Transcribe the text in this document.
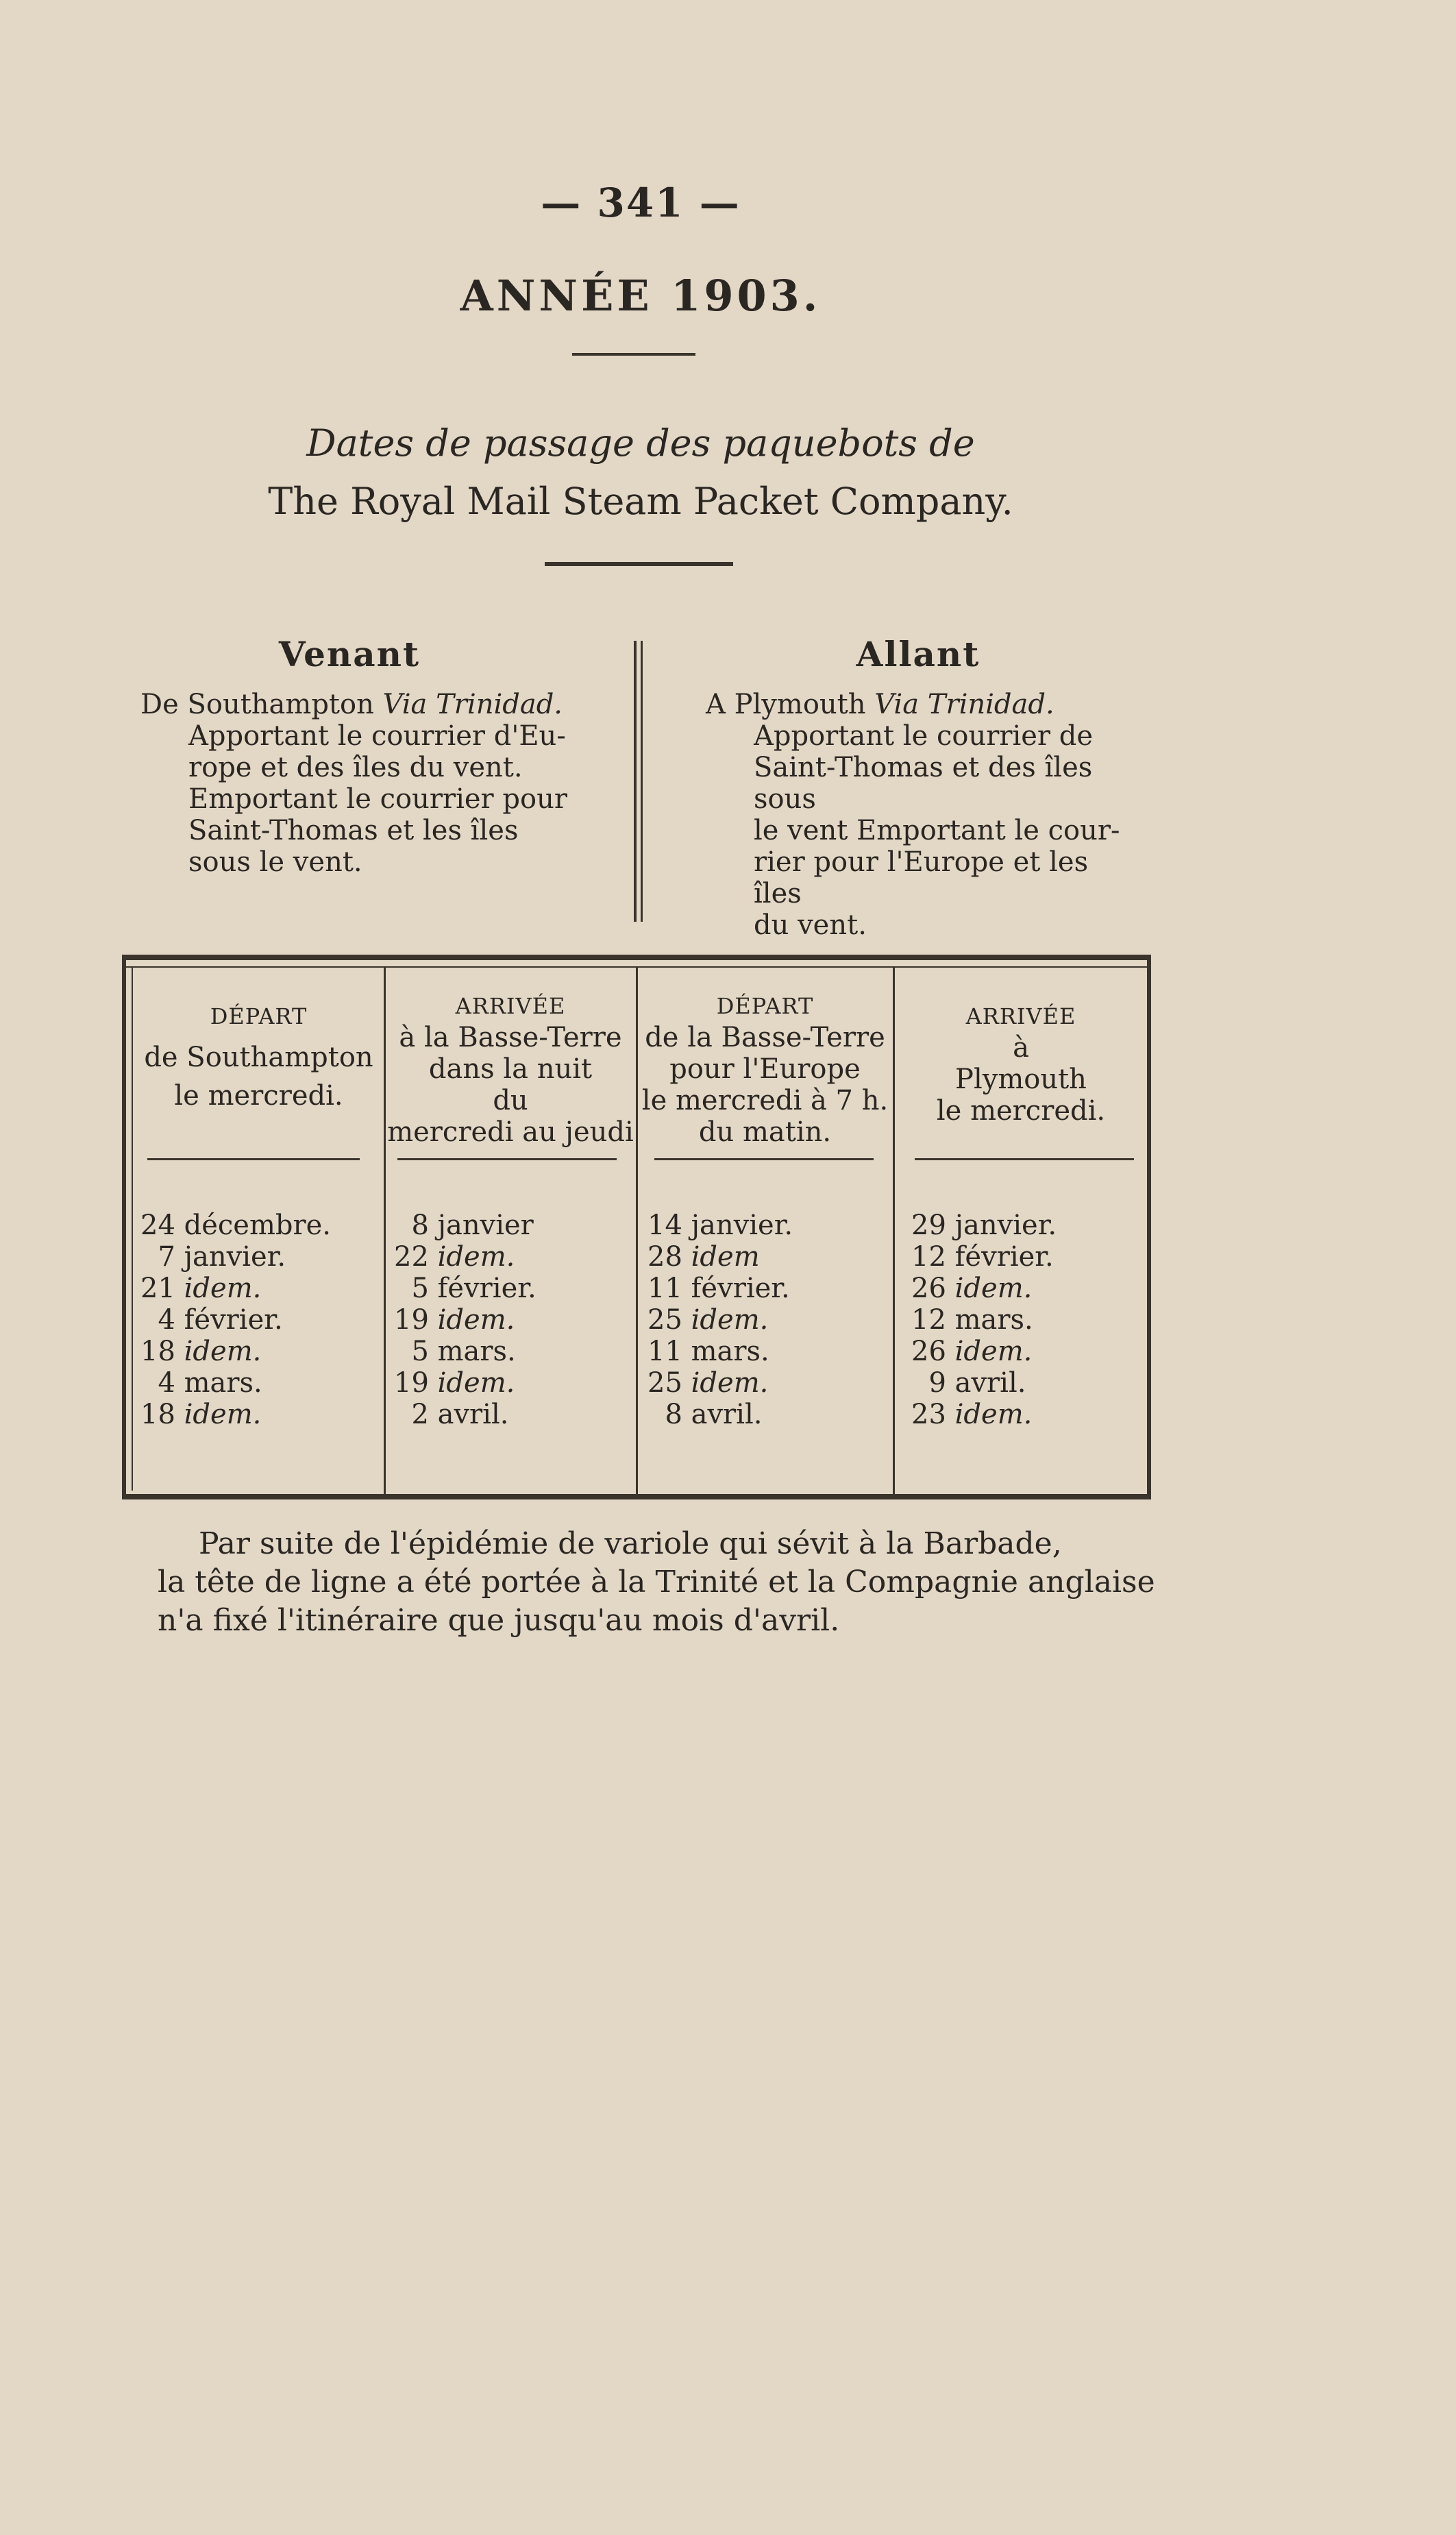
— 341 —
ANNÉE 1903.
Dates de passage des paquebots de
The Royal Mail Steam Packet Company.
Venant	Allant
De Southampton Via Trinidad.
Apportant le courrier d'Eu-
rope et des îles du vent.
Emportant le courrier pour
Saint-Thomas et les îles
sous le vent.
A Plymouth Via Trinidad.
Apportant le courrier de
Saint-Thomas et des îles sous
le vent Emportant le cour-
rier pour l'Europe et les îles
du vent.
DÉPART
de Southampton
le mercredi.
ARRIVÉE
à la Basse-Terre
dans la nuit
du
mercredi au jeudi
DÉPART
de la Basse-Terre
pour l'Europe
le mercredi à 7 h.
du matin.
ARRIVÉE
à
Plymouth
le mercredi.
24 décembre.
7 janvier.
21 idem.
4 février.
18 idem.
4 mars.
18 idem.
8 janvier
22 idem.
5 février.
19 idem.
5 mars.
19 idem.
2 avril.
14 janvier.
28 idem
11 février.
25 idem.
11 mars.
25 idem.
8 avril.
29 janvier.
12 février.
26 idem.
12 mars.
26 idem.
9 avril.
23 idem.
Par suite de l'épidémie de variole qui sévit à la Barbade,
la tête de ligne a été portée à la Trinité et la Compagnie anglaise
n'a fixé l'itinéraire que jusqu'au mois d'avril.
